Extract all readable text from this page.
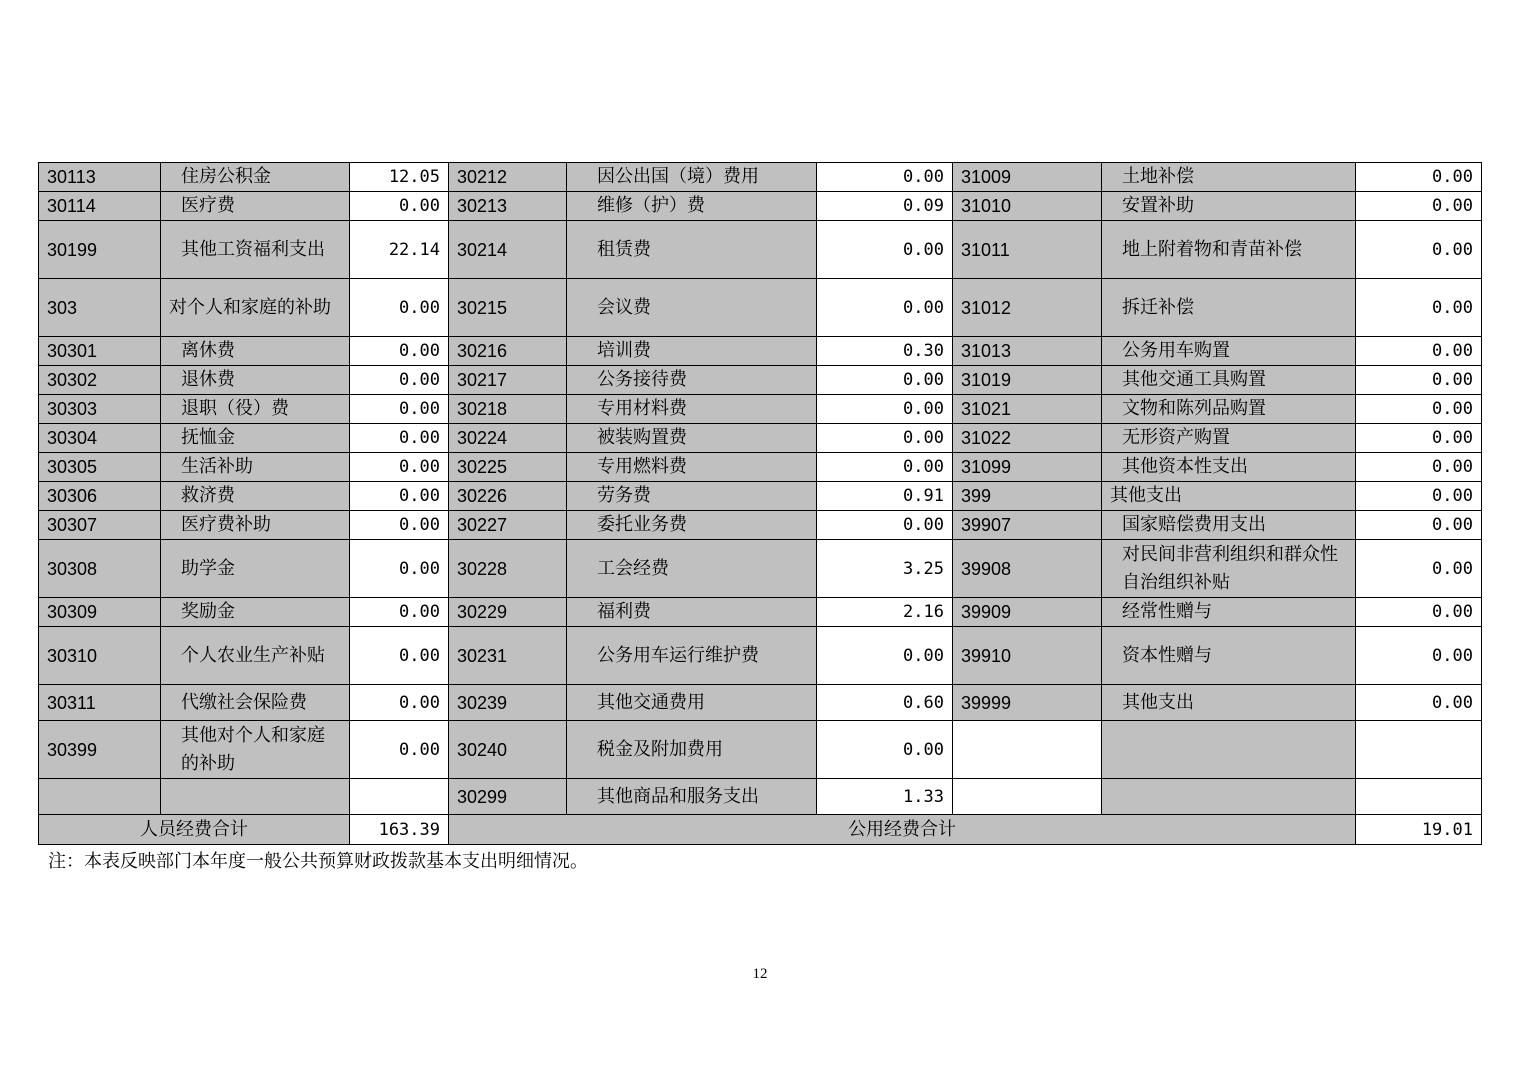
30113	住房公积金	12.05	30212	因公出国（境）费用	0.00	31009	土地补偿	0.00
30114	医疗费	0.00	30213	维修（护）费	0.09	31010	安置补助	0.00
30199	其他工资福利支出	22.14	30214	租赁费	0.00	31011	地上附着物和青苗补偿	0.00
303	对个人和家庭的补助	0.00	30215	会议费	0.00	31012	拆迁补偿	0.00
30301	离休费	0.00	30216	培训费	0.30	31013	公务用车购置	0.00
30302	退休费	0.00	30217	公务接待费	0.00	31019	其他交通工具购置	0.00
30303	退职（役）费	0.00	30218	专用材料费	0.00	31021	文物和陈列品购置	0.00
30304	抚恤金	0.00	30224	被装购置费	0.00	31022	无形资产购置	0.00
30305	生活补助	0.00	30225	专用燃料费	0.00	31099	其他资本性支出	0.00
30306	救济费	0.00	30226	劳务费	0.91	399	其他支出	0.00
30307	医疗费补助	0.00	30227	委托业务费	0.00	39907	国家赔偿费用支出	0.00
30308	助学金	0.00	30228	工会经费	3.25	39908	对民间非营利组织和群众性自治组织补贴	0.00
30309	奖励金	0.00	30229	福利费	2.16	39909	经常性赠与	0.00
30310	个人农业生产补贴	0.00	30231	公务用车运行维护费	0.00	39910	资本性赠与	0.00
30311	代缴社会保险费	0.00	30239	其他交通费用	0.60	39999	其他支出	0.00
30399	其他对个人和家庭的补助	0.00	30240	税金及附加费用	0.00			
			30299	其他商品和服务支出	1.33			
人员经费合计		163.39	公用经费合计					19.01
注：本表反映部门本年度一般公共预算财政拨款基本支出明细情况。
12
